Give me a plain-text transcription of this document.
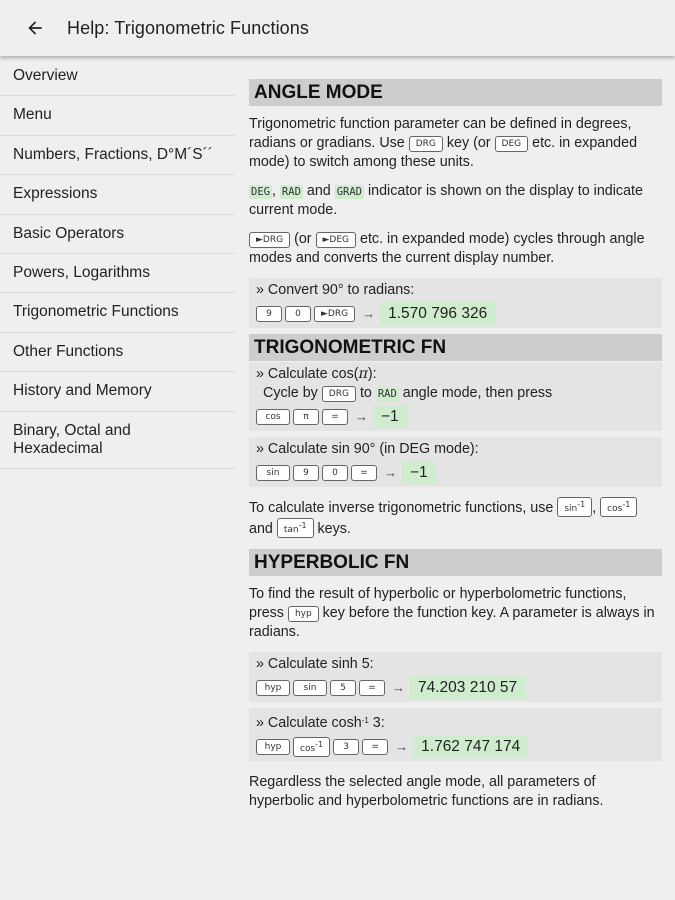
Help: Trigonometric Functions
Overview
Menu
Numbers, Fractions, D°M´S´´
Expressions
Basic Operators
Powers, Logarithms
Trigonometric Functions
Other Functions
History and Memory
Binary, Octal and
Hexadecimal
ANGLE MODE

Trigonometric function parameter can be defined in degrees, radians or gradians. Use DRG key (or DEG etc. in expanded mode) to switch among these units.

DEG , RAD and GRAD indicator is shown on the display to indicate current mode.

►DRG (or ►DEG etc. in expanded mode) cycles through angle modes and converts the current display number.

» Convert 90° to radians:
9	0	►DRG	→ 1.570 796 326
TRIGONOMETRIC FN
» Calculate cos(π):
Cycle by DRG to RAD angle mode, then press
cos	π	=	→ −1
» Calculate sin 90° (in DEG mode):
sin	9	0	=	→ −1

To calculate inverse trigonometric functions, use sin-1 , cos-1 and tan-1 keys.

HYPERBOLIC FN

To find the result of hyperbolic or hyperbolometric functions, press hyp key before the function key. A parameter is always in radians.

» Calculate sinh 5:
hyp	sin	5	=	→ 74.203 210 57
» Calculate $\cosh^{-1} 3$:
hyp	cos-1	3	=	→ 1.762 747 174

Regardless the selected angle mode, all parameters of hyperbolic and hyperbolometric functions are in radians.
